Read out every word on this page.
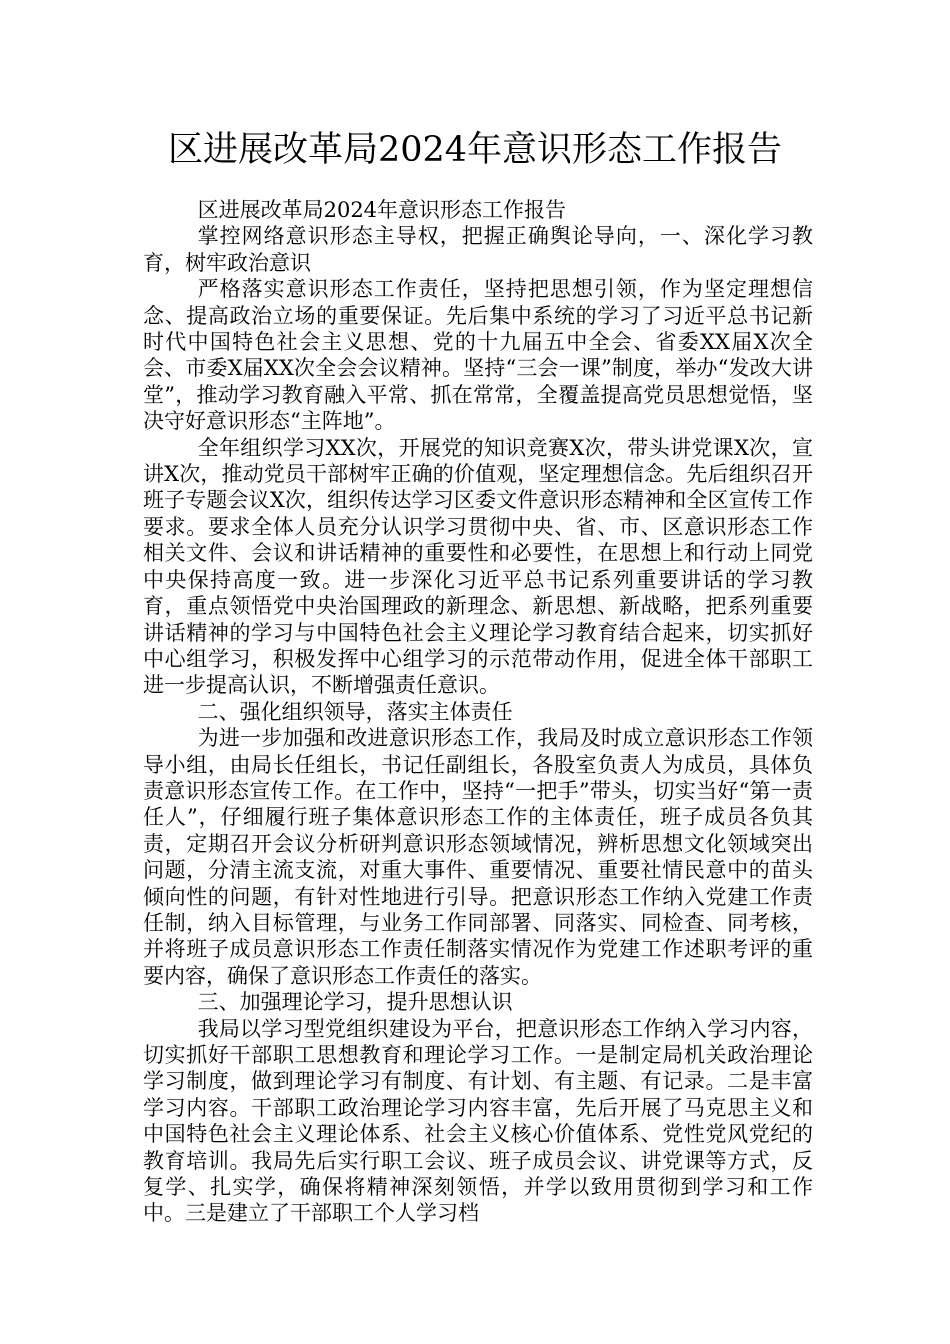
区进展改革局2024年意识形态工作报告

区进展改革局2024年意识形态工作报告

掌控网络意识形态主导权，把握正确舆论导向，一、深化学习教育，树牢政治意识

严格落实意识形态工作责任，坚持把思想引领，作为坚定理想信念、提高政治立场的重要保证。先后集中系统的学习了习近平总书记新时代中国特色社会主义思想、党的十九届五中全会、省委XX届X次全会、市委X届XX次全会会议精神。坚持“三会一课”制度，举办“发改大讲堂”，推动学习教育融入平常、抓在常常，全覆盖提高党员思想觉悟，坚决守好意识形态“主阵地”。

全年组织学习XX次，开展党的知识竞赛X次，带头讲党课X次，宣讲X次，推动党员干部树牢正确的价值观，坚定理想信念。先后组织召开班子专题会议X次，组织传达学习区委文件意识形态精神和全区宣传工作要求。要求全体人员充分认识学习贯彻中央、省、市、区意识形态工作相关文件、会议和讲话精神的重要性和必要性，在思想上和行动上同党中央保持高度一致。进一步深化习近平总书记系列重要讲话的学习教育，重点领悟党中央治国理政的新理念、新思想、新战略，把系列重要讲话精神的学习与中国特色社会主义理论学习教育结合起来，切实抓好中心组学习，积极发挥中心组学习的示范带动作用，促进全体干部职工进一步提高认识，不断增强责任意识。

二、强化组织领导，落实主体责任

为进一步加强和改进意识形态工作，我局及时成立意识形态工作领导小组，由局长任组长，书记任副组长，各股室负责人为成员，具体负责意识形态宣传工作。在工作中，坚持“一把手”带头，切实当好“第一责任人”，仔细履行班子集体意识形态工作的主体责任，班子成员各负其责，定期召开会议分析研判意识形态领域情况，辨析思想文化领域突出问题，分清主流支流，对重大事件、重要情况、重要社情民意中的苗头倾向性的问题，有针对性地进行引导。把意识形态工作纳入党建工作责任制，纳入目标管理，与业务工作同部署、同落实、同检查、同考核，并将班子成员意识形态工作责任制落实情况作为党建工作述职考评的重要内容，确保了意识形态工作责任的落实。

三、加强理论学习，提升思想认识

我局以学习型党组织建设为平台，把意识形态工作纳入学习内容，切实抓好干部职工思想教育和理论学习工作。一是制定局机关政治理论学习制度，做到理论学习有制度、有计划、有主题、有记录。二是丰富学习内容。干部职工政治理论学习内容丰富，先后开展了马克思主义和中国特色社会主义理论体系、社会主义核心价值体系、党性党风党纪的教育培训。我局先后实行职工会议、班子成员会议、讲党课等方式，反复学、扎实学，确保将精神深刻领悟，并学以致用贯彻到学习和工作中。三是建立了干部职工个人学习档
